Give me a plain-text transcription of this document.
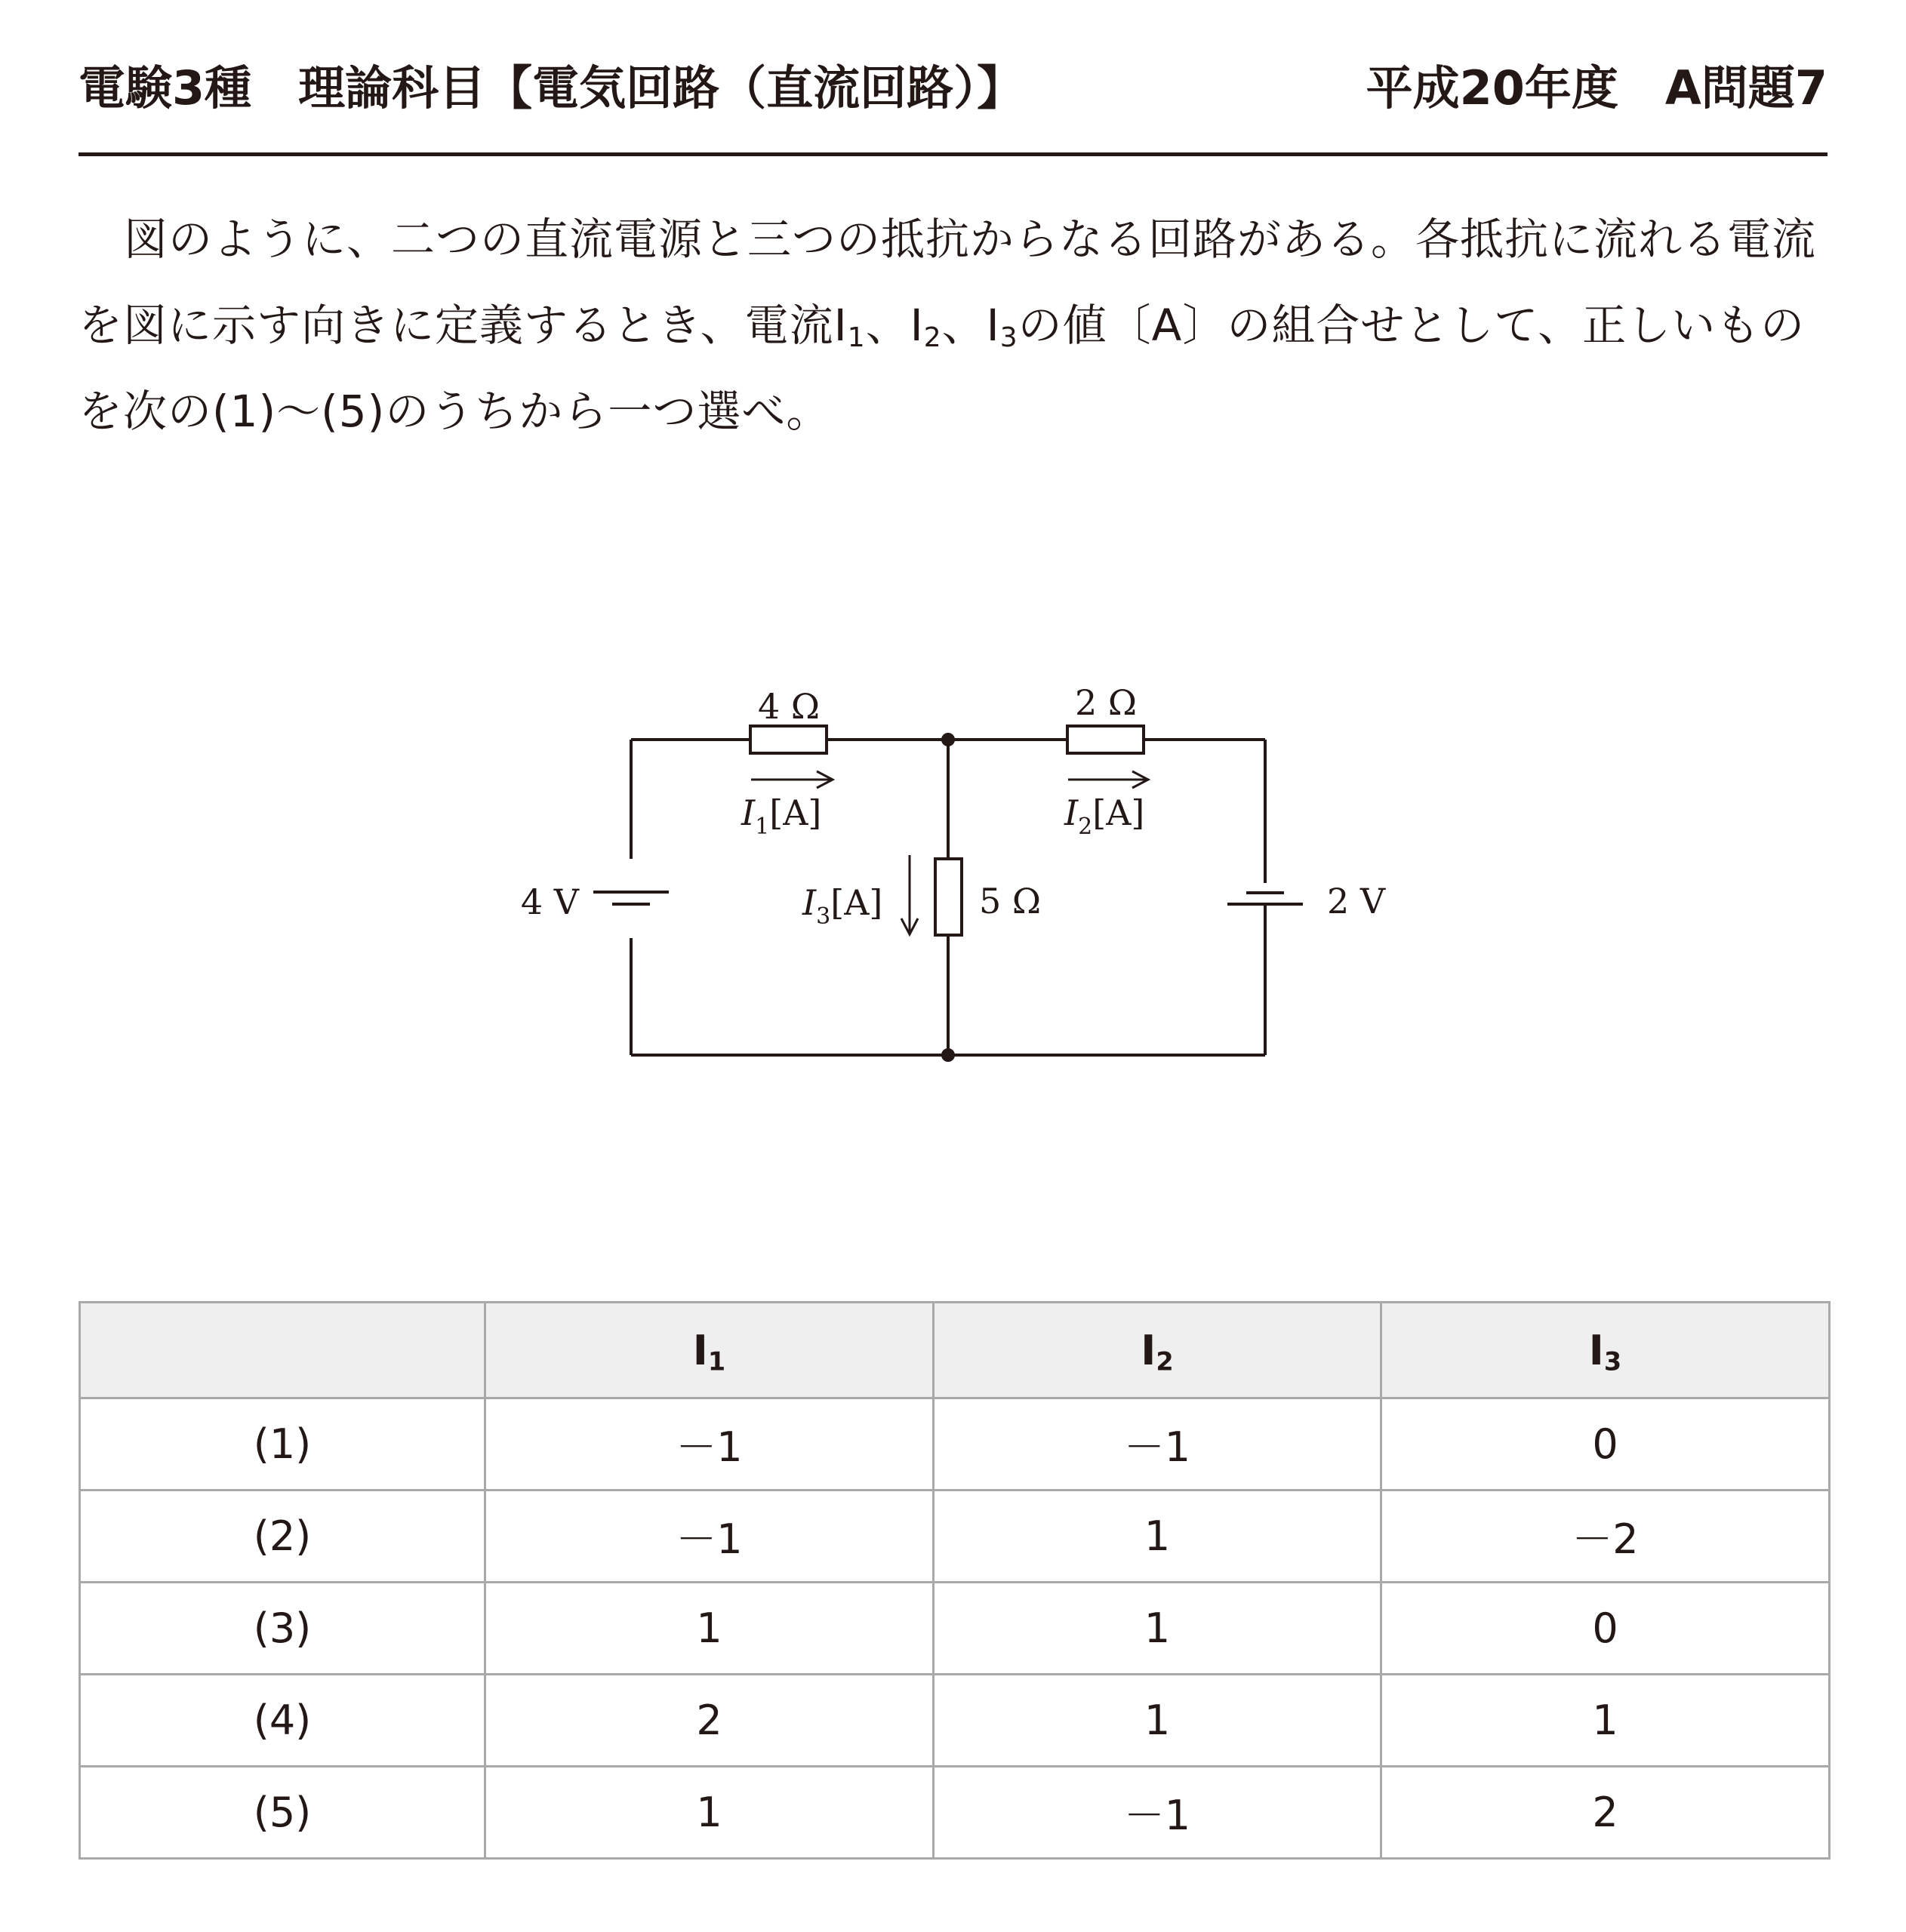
電験3種　理論科目【電気回路（直流回路）】	平成20年度　A問題7

図のように、二つの直流電源と三つの抵抗からなる回路がある。各抵抗に流れる電流を図に示す向きに定義するとき、電流$I_1$、$I_2$、$I_3$の値〔A〕の組合せとして、正しいものを次の(1)〜(5)のうちから一つ選べ。

4 Ω	2 Ω
5 Ω
4 V	2 V
$I_1[A]$	$I_2[A]$
$I_3[A]$
	$I_1$	$I_2$	$I_3$
(1)	－1	－1	0
(2)	－1	1	－2
(3)	1	1	0
(4)	2	1	1
(5)	1	－1	2
